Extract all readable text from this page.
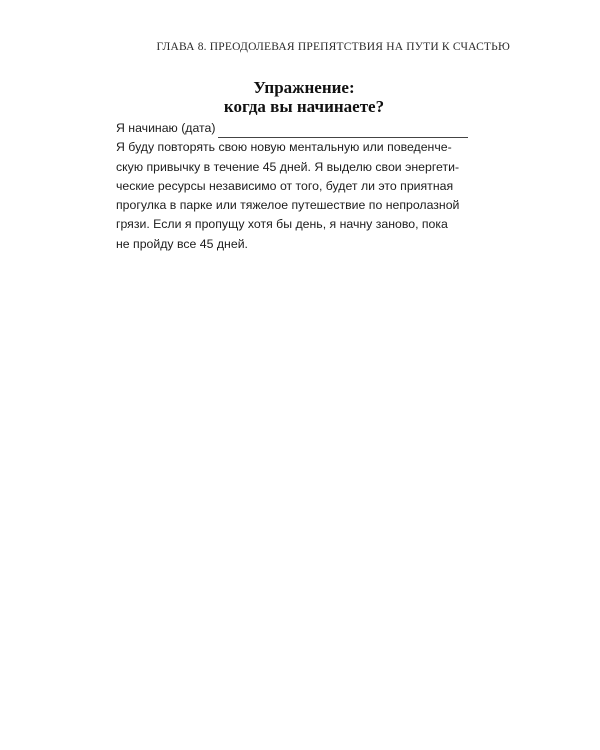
ГЛАВА 8. ПРЕОДОЛЕВАЯ ПРЕПЯТСТВИЯ НА ПУТИ К СЧАСТЬЮ
Упражнение:
когда вы начинаете?
Я начинаю (дата)
Я буду повторять свою новую ментальную или поведенче-
скую привычку в течение 45 дней. Я выделю свои энергети-
ческие ресурсы независимо от того, будет ли это приятная
прогулка в парке или тяжелое путешествие по непролазной
грязи. Если я пропущу хотя бы день, я начну заново, пока
не пройду все 45 дней.
